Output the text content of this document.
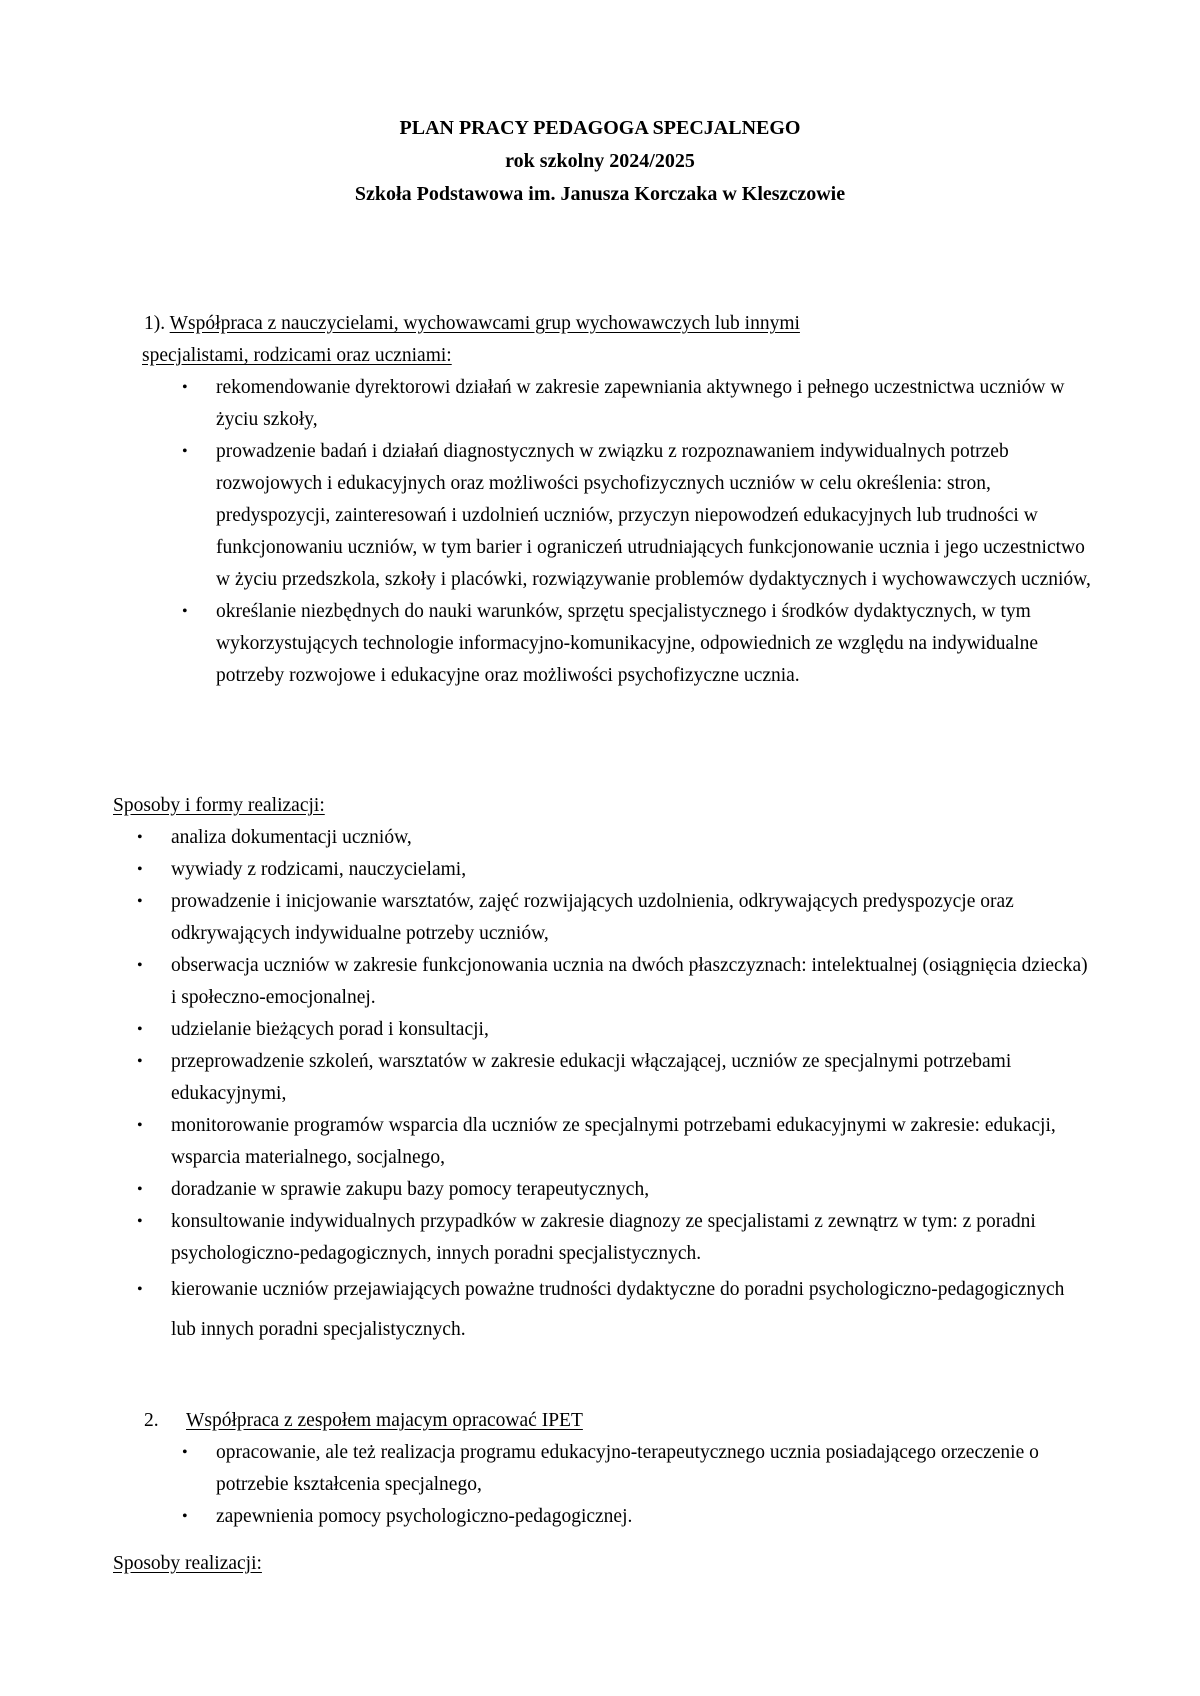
PLAN PRACY PEDAGOGA SPECJALNEGO
rok szkolny 2024/2025
Szkoła Podstawowa im. Janusza Korczaka w Kleszczowie
1). Współpraca z nauczycielami, wychowawcami grup wychowawczych lub innymi
specjalistami, rodzicami oraz uczniami:
• rekomendowanie dyrektorowi działań w zakresie zapewniania aktywnego i pełnego uczestnictwa uczniów w życiu szkoły,
• prowadzenie badań i działań diagnostycznych w związku z rozpoznawaniem indywidualnych potrzeb rozwojowych i edukacyjnych oraz możliwości psychofizycznych uczniów w celu określenia: stron, predyspozycji, zainteresowań i uzdolnień uczniów, przyczyn niepowodzeń edukacyjnych lub trudności w funkcjonowaniu uczniów, w tym barier i ograniczeń utrudniających funkcjonowanie ucznia i jego uczestnictwo w życiu przedszkola, szkoły i placówki, rozwiązywanie problemów dydaktycznych i wychowawczych uczniów,
• określanie niezbędnych do nauki warunków, sprzętu specjalistycznego i środków dydaktycznych, w tym wykorzystujących technologie informacyjno-komunikacyjne, odpowiednich ze względu na indywidualne potrzeby rozwojowe i edukacyjne oraz możliwości psychofizyczne ucznia.
Sposoby i formy realizacji:
• analiza dokumentacji uczniów,
• wywiady z rodzicami, nauczycielami,
• prowadzenie i inicjowanie warsztatów, zajęć rozwijających uzdolnienia, odkrywających predyspozycje oraz odkrywających indywidualne potrzeby uczniów,
• obserwacja uczniów w zakresie funkcjonowania ucznia na dwóch płaszczyznach: intelektualnej (osiągnięcia dziecka) i społeczno-emocjonalnej.
• udzielanie bieżących porad i konsultacji,
• przeprowadzenie szkoleń, warsztatów w zakresie edukacji włączającej, uczniów ze specjalnymi potrzebami edukacyjnymi,
• monitorowanie programów wsparcia dla uczniów ze specjalnymi potrzebami edukacyjnymi w zakresie: edukacji, wsparcia materialnego, socjalnego,
• doradzanie w sprawie zakupu bazy pomocy terapeutycznych,
• konsultowanie indywidualnych przypadków w zakresie diagnozy ze specjalistami z zewnątrz w tym: z poradni psychologiczno-pedagogicznych, innych poradni specjalistycznych.
• kierowanie uczniów przejawiających poważne trudności dydaktyczne do poradni psychologiczno-pedagogicznych lub innych poradni specjalistycznych.
2. Współpraca z zespołem majacym opracować IPET
• opracowanie, ale też realizacja programu edukacyjno-terapeutycznego ucznia posiadającego orzeczenie o potrzebie kształcenia specjalnego,
• zapewnienia pomocy psychologiczno-pedagogicznej.
Sposoby realizacji:
